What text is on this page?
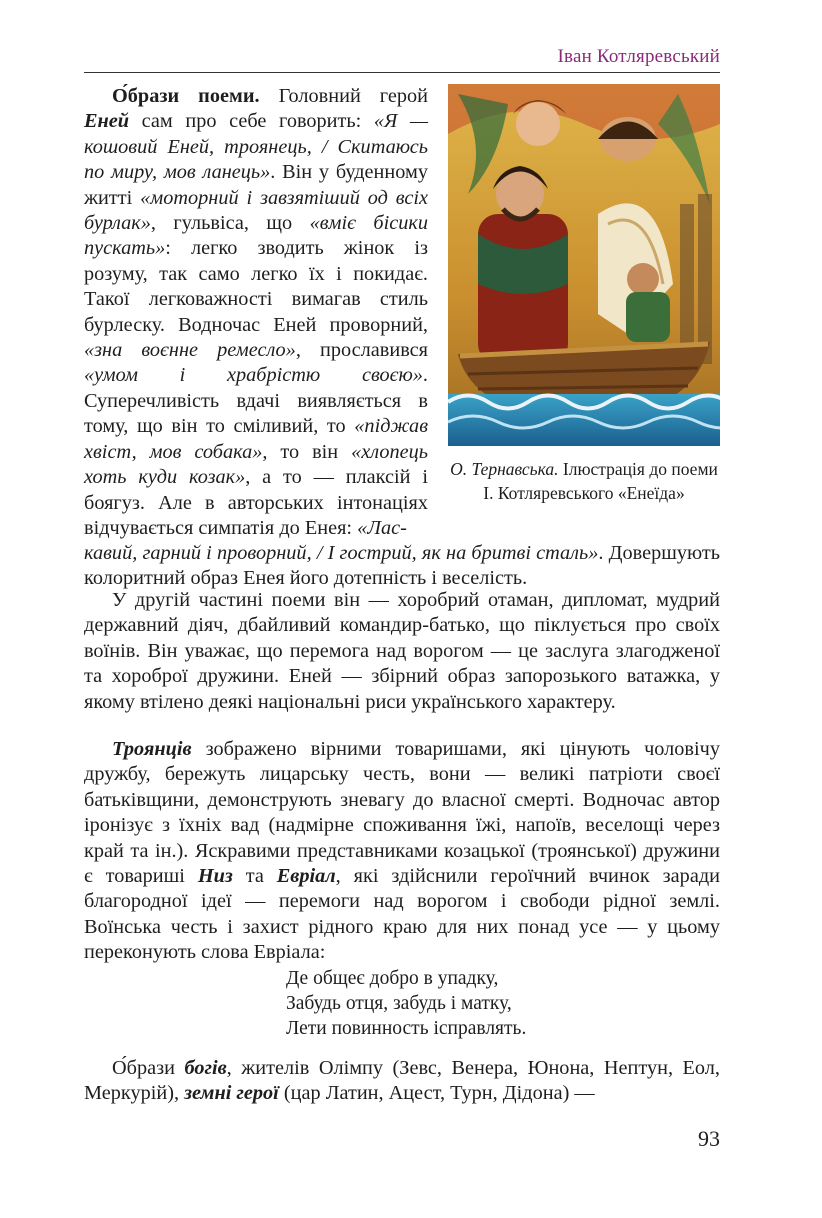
Іван Котляревський

О́брази поеми. Головний герой Еней сам про себе говорить: «Я — кошовий Еней, троянець, / Скитаюсь по миру, мов ланець». Він у буденному житті «моторний і завзятіший од всіх бурлак», гульвіса, що «вміє бісики пускать»: легко зводить жінок із розуму, так само легко їх і покидає. Такої легковажності вимагав стиль бурлеску. Водночас Еней проворний, «зна воєнне ремесло», прославився «умом і храбрістю своєю». Суперечливість вдачі виявляється в тому, що він то сміливий, то «піджав хвіст, мов собака», то він «хлопець хоть куди козак», а то — плаксій і боягуз. Але в авторських інтонаціях відчувається симпатія до Енея: «Лас-

кавий, гарний і проворний, / І гострий, як на бритві сталь». Довершують колоритний образ Енея його дотепність і веселість.

О. Тернавська. Ілюстрація до поеми І. Котляревського «Енеїда»

У другій частині поеми він — хоробрий отаман, дипломат, мудрий державний діяч, дбайливий командир-батько, що піклується про своїх воїнів. Він уважає, що перемога над ворогом — це заслуга злагодженої та хороброї дружини. Еней — збірний образ запорозького ватажка, у якому втілено деякі національні риси українського характеру.

Троянців зображено вірними товаришами, які цінують чоловічу дружбу, бережуть лицарську честь, вони — великі патріоти своєї батьківщини, демонструють зневагу до власної смерті. Водночас автор іронізує з їхніх вад (надмірне споживання їжі, напоїв, веселощі через край та ін.). Яскравими представниками козацької (троянської) дружини є товариші Низ та Евріал, які здійснили героїчний вчинок заради благородної ідеї — перемоги над ворогом і свободи рідної землі. Воїнська честь і захист рідного краю для них понад усе — у цьому переконують слова Евріала:

Де общеє добро в упадку,
Забудь отця, забудь і матку,
Лети повинность ісправлять.

О́брази богів, жителів Олімпу (Зевс, Венера, Юнона, Нептун, Еол, Меркурій), земні герої (цар Латин, Ацест, Турн, Дідона) —

93
